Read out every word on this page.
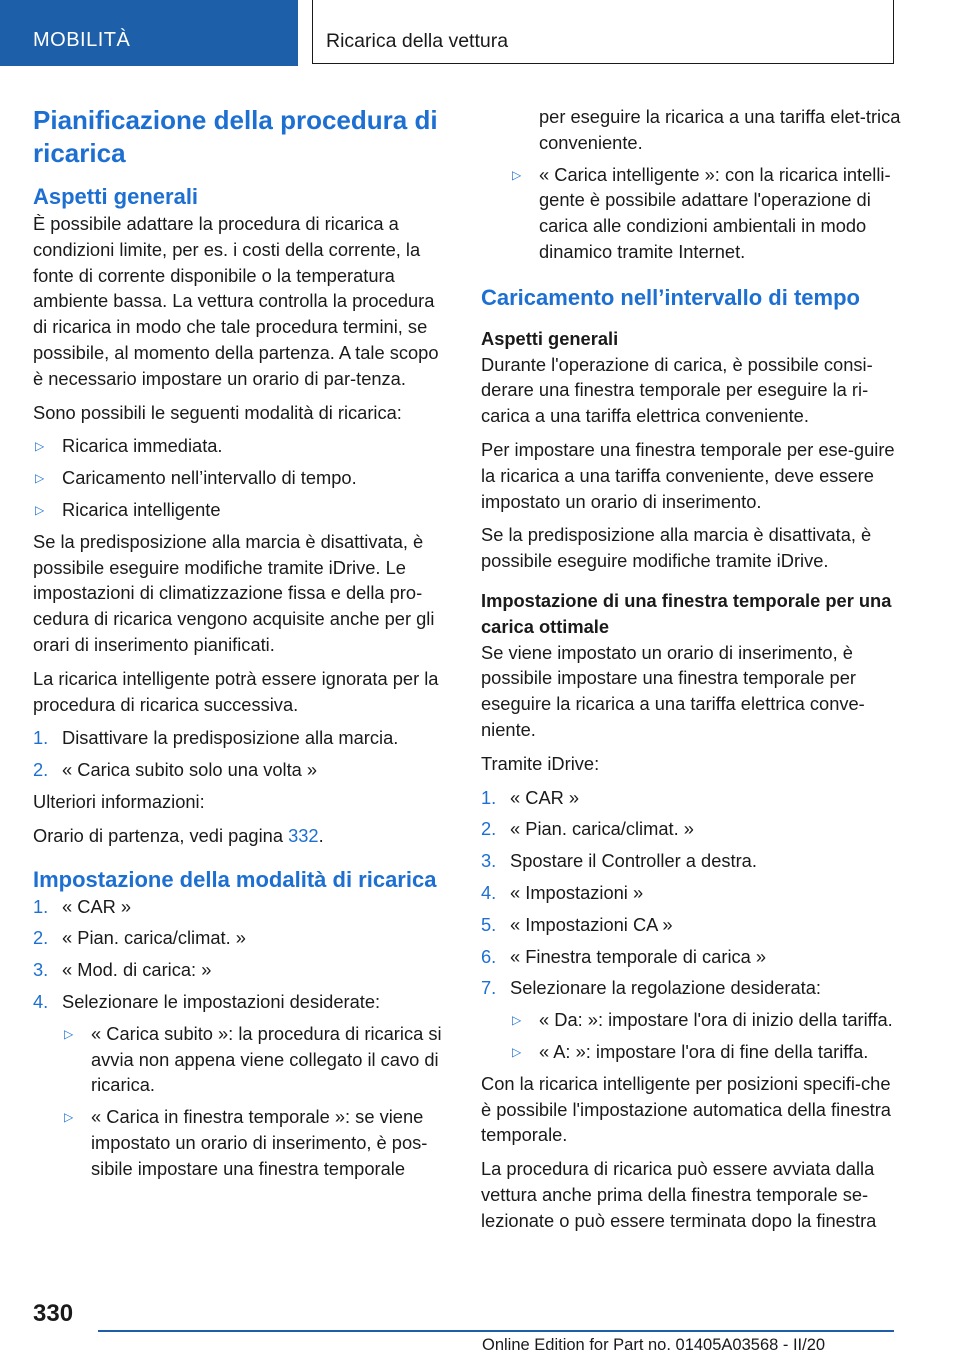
MOBILITÀ	Ricarica della vettura
Pianificazione della procedura di ricarica
Aspetti generali

È possibile adattare la procedura di ricarica a condizioni limite, per es. i costi della corrente, la fonte di corrente disponibile o la temperatura ambiente bassa. La vettura controlla la procedura di ricarica in modo che tale procedura termini, se possibile, al momento della partenza. A tale scopo è necessario impostare un orario di par-tenza.

Sono possibili le seguenti modalità di ricarica:

▷ Ricarica immediata.
▷ Caricamento nell’intervallo di tempo.
▷ Ricarica intelligente

Se la predisposizione alla marcia è disattivata, è possibile eseguire modifiche tramite iDrive. Le impostazioni di climatizzazione fissa e della pro-cedura di ricarica vengono acquisite anche per gli orari di inserimento pianificati.

La ricarica intelligente potrà essere ignorata per la procedura di ricarica successiva.

1. Disattivare la predisposizione alla marcia.
2. « Carica subito solo una volta »

Ulteriori informazioni:

Orario di partenza, vedi pagina 332.

Impostazione della modalità di ricarica
1. « CAR »
2. « Pian. carica/climat. »
3. « Mod. di carica: »
4. Selezionare le impostazioni desiderate:
▷ « Carica subito »: la procedura di ricarica si avvia non appena viene collegato il cavo di ricarica.
▷ « Carica in finestra temporale »: se viene impostato un orario di inserimento, è pos-sibile impostare una finestra temporale
per eseguire la ricarica a una tariffa elet-trica conveniente.
▷ « Carica intelligente »: con la ricarica intelli-gente è possibile adattare l'operazione di carica alle condizioni ambientali in modo dinamico tramite Internet.
Caricamento nell’intervallo di tempo
Aspetti generali

Durante l'operazione di carica, è possibile consi-derare una finestra temporale per eseguire la ri-carica a una tariffa elettrica conveniente.

Per impostare una finestra temporale per ese-guire la ricarica a una tariffa conveniente, deve essere impostato un orario di inserimento.

Se la predisposizione alla marcia è disattivata, è possibile eseguire modifiche tramite iDrive.

Impostazione di una finestra temporale per una carica ottimale

Se viene impostato un orario di inserimento, è possibile impostare una finestra temporale per eseguire la ricarica a una tariffa elettrica conve-niente.

Tramite iDrive:

1. « CAR »
2. « Pian. carica/climat. »
3. Spostare il Controller a destra.
4. « Impostazioni »
5. « Impostazioni CA »
6. « Finestra temporale di carica »
7. Selezionare la regolazione desiderata:
▷ « Da: »: impostare l'ora di inizio della tariffa.
▷ « A: »: impostare l'ora di fine della tariffa.

Con la ricarica intelligente per posizioni specifi-che è possibile l'impostazione automatica della finestra temporale.

La procedura di ricarica può essere avviata dalla vettura anche prima della finestra temporale se-lezionate o può essere terminata dopo la finestra

330
Online Edition for Part no. 01405A03568 - II/20
